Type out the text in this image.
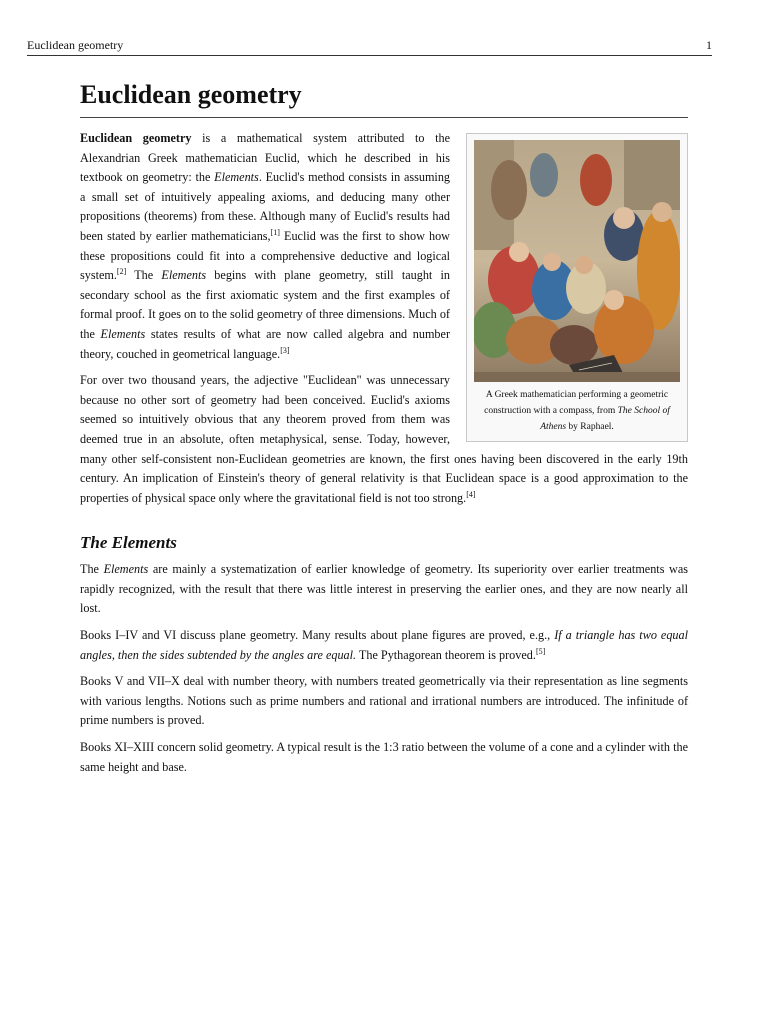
Euclidean geometry	1
Euclidean geometry
A Greek mathematician performing a geometric construction with a compass, from The School of Athens by Raphael.

Euclidean geometry is a mathematical system attributed to the Alexandrian Greek mathematician Euclid, which he described in his textbook on geometry: the Elements. Euclid's method consists in assuming a small set of intuitively appealing axioms, and deducing many other propositions (theorems) from these. Although many of Euclid's results had been stated by earlier mathematicians,[1] Euclid was the first to show how these propositions could fit into a comprehensive deductive and logical system.[2] The Elements begins with plane geometry, still taught in secondary school as the first axiomatic system and the first examples of formal proof. It goes on to the solid geometry of three dimensions. Much of the Elements states results of what are now called algebra and number theory, couched in geometrical language.[3]

For over two thousand years, the adjective "Euclidean" was unnecessary because no other sort of geometry had been conceived. Euclid's axioms seemed so intuitively obvious that any theorem proved from them was deemed true in an absolute, often metaphysical, sense. Today, however, many other self-consistent non-Euclidean geometries are known, the first ones having been discovered in the early 19th century. An implication of Einstein's theory of general relativity is that Euclidean space is a good approximation to the properties of physical space only where the gravitational field is not too strong.[4]

The Elements

The Elements are mainly a systematization of earlier knowledge of geometry. Its superiority over earlier treatments was rapidly recognized, with the result that there was little interest in preserving the earlier ones, and they are now nearly all lost.

Books I–IV and VI discuss plane geometry. Many results about plane figures are proved, e.g., If a triangle has two equal angles, then the sides subtended by the angles are equal. The Pythagorean theorem is proved.[5]

Books V and VII–X deal with number theory, with numbers treated geometrically via their representation as line segments with various lengths. Notions such as prime numbers and rational and irrational numbers are introduced. The infinitude of prime numbers is proved.

Books XI–XIII concern solid geometry. A typical result is the 1:3 ratio between the volume of a cone and a cylinder with the same height and base.
